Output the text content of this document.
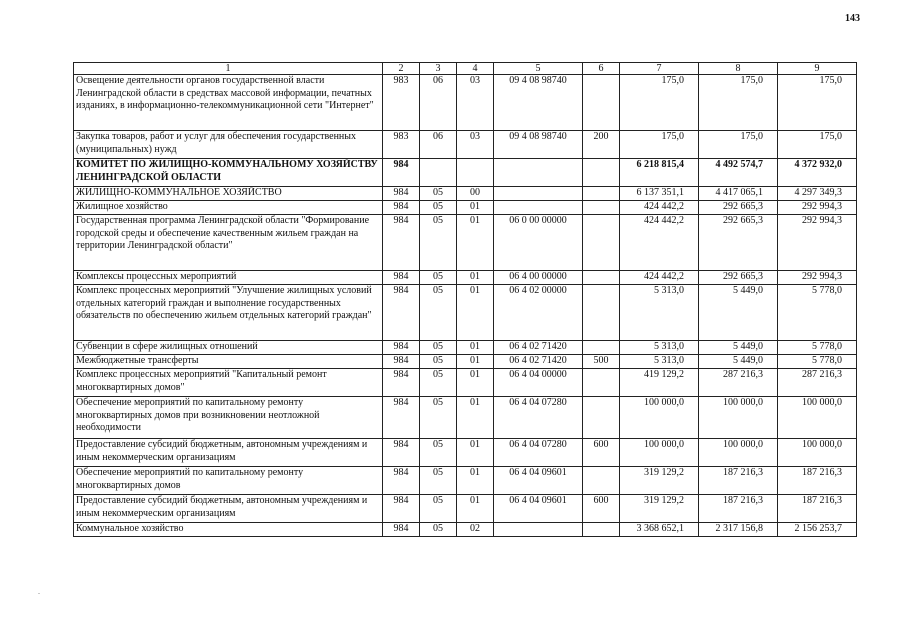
143
1	2	3	4	5	6	7	8	9
Освещение деятельности органов государственной власти Ленинградской области в средствах массовой информации, печатных изданиях, в информационно-телекоммуникационной сети "Интернет"	983	06	03	09 4 08 98740		175,0	175,0	175,0
Закупка товаров, работ и услуг для обеспечения государственных (муниципальных) нужд	983	06	03	09 4 08 98740	200	175,0	175,0	175,0
КОМИТЕТ ПО ЖИЛИЩНО-КОММУНАЛЬНОМУ ХОЗЯЙСТВУ ЛЕНИНГРАДСКОЙ ОБЛАСТИ	984					6 218 815,4	4 492 574,7	4 372 932,0
ЖИЛИЩНО-КОММУНАЛЬНОЕ ХОЗЯЙСТВО	984	05	00			6 137 351,1	4 417 065,1	4 297 349,3
Жилищное хозяйство	984	05	01			424 442,2	292 665,3	292 994,3
Государственная программа Ленинградской области "Формирование городской среды и обеспечение качественным жильем граждан на территории Ленинградской области"	984	05	01	06 0 00 00000		424 442,2	292 665,3	292 994,3
Комплексы процессных мероприятий	984	05	01	06 4 00 00000		424 442,2	292 665,3	292 994,3
Комплекс процессных мероприятий "Улучшение жилищных условий отдельных категорий граждан и выполнение государственных обязательств по обеспечению жильем отдельных категорий граждан"	984	05	01	06 4 02 00000		5 313,0	5 449,0	5 778,0
Субвенции в сфере жилищных отношений	984	05	01	06 4 02 71420		5 313,0	5 449,0	5 778,0
Межбюджетные трансферты	984	05	01	06 4 02 71420	500	5 313,0	5 449,0	5 778,0
Комплекс процессных мероприятий "Капитальный ремонт многоквартирных домов"	984	05	01	06 4 04 00000		419 129,2	287 216,3	287 216,3
Обеспечение мероприятий по капитальному ремонту многоквартирных домов при возникновении неотложной необходимости	984	05	01	06 4 04 07280		100 000,0	100 000,0	100 000,0
Предоставление субсидий бюджетным, автономным учреждениям и иным некоммерческим организациям	984	05	01	06 4 04 07280	600	100 000,0	100 000,0	100 000,0
Обеспечение мероприятий по капитальному ремонту многоквартирных домов	984	05	01	06 4 04 09601		319 129,2	187 216,3	187 216,3
Предоставление субсидий бюджетным, автономным учреждениям и иным некоммерческим организациям	984	05	01	06 4 04 09601	600	319 129,2	187 216,3	187 216,3
Коммунальное хозяйство	984	05	02			3 368 652,1	2 317 156,8	2 156 253,7
.
